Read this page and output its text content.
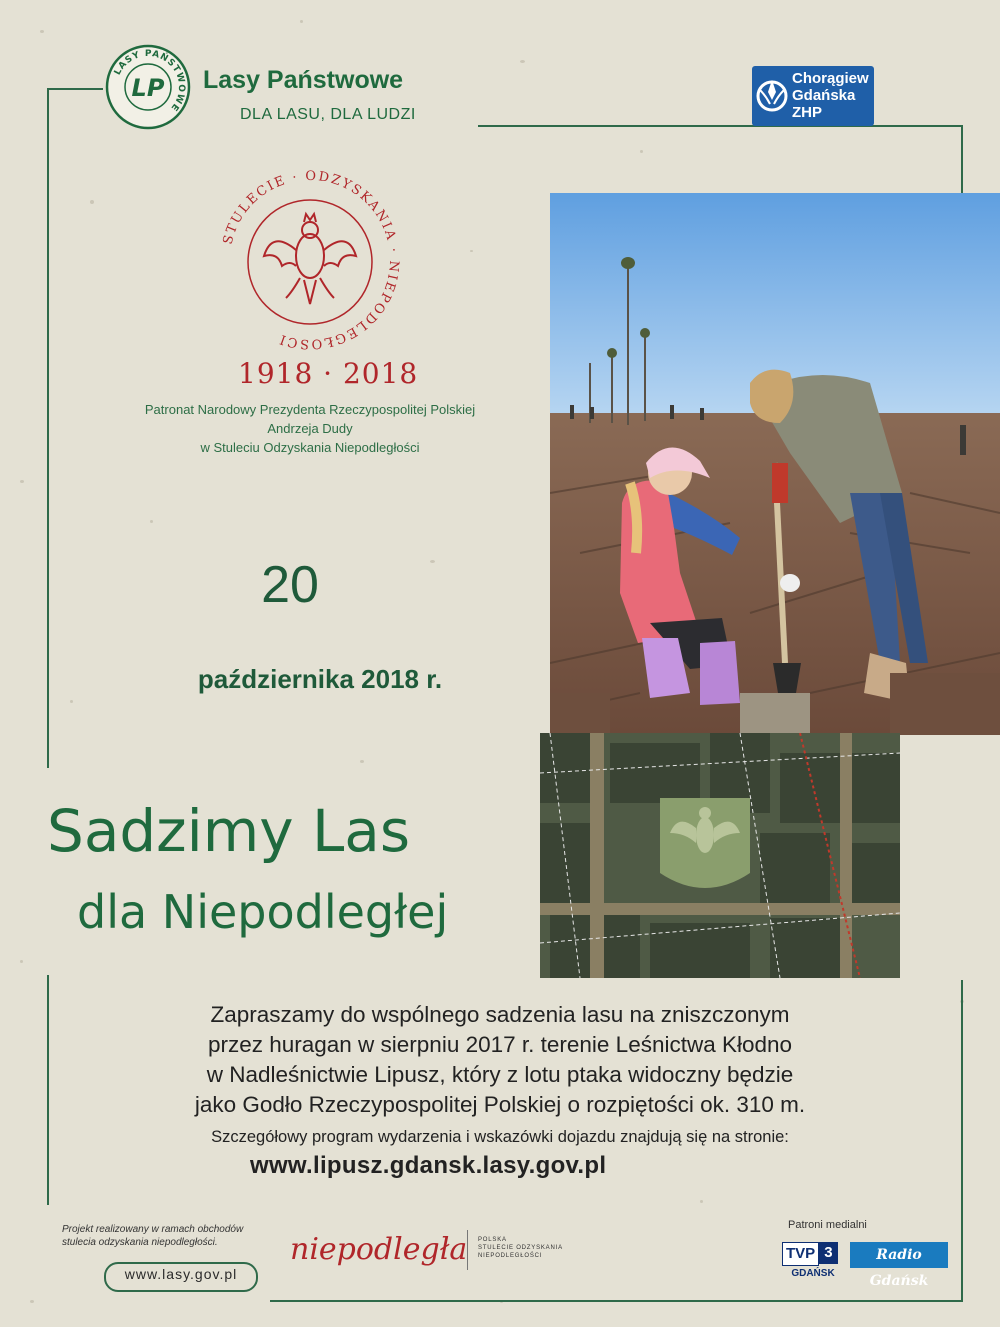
LASY PAŃSTWOWE
LP Lasy Państwowe
DLA LASU, DLA LUDZI
Chorągiew
Gdańska
ZHP
STULECIE · ODZYSKANIA · NIEPODLEGŁOŚCI
1918 · 2018
Patronat Narodowy Prezydenta Rzeczypospolitej Polskiej
Andrzeja Dudy
w Stuleciu Odzyskania Niepodległości
20
października 2018 r.
Sadzimy Las
dla Niepodległej
Zapraszamy do wspólnego sadzenia lasu na zniszczonym
przez huragan w sierpniu 2017 r. terenie Leśnictwa Kłodno
w Nadleśnictwie Lipusz, który z lotu ptaka widoczny będzie
jako Godło Rzeczypospolitej Polskiej o rozpiętości ok. 310 m.
Szczegółowy program wydarzenia i wskazówki dojazdu znajdują się na stronie:
www.lipusz.gdansk.lasy.gov.pl
Projekt realizowany w ramach obchodów
stulecia odzyskania niepodległości.
www.lasy.gov.pl
niepodległa POLSKA
STULECIE ODZYSKANIA
NIEPODLEGŁOŚCI
Patroni medialni
TVP 3
GDAŃSK
Radio Gdańsk
